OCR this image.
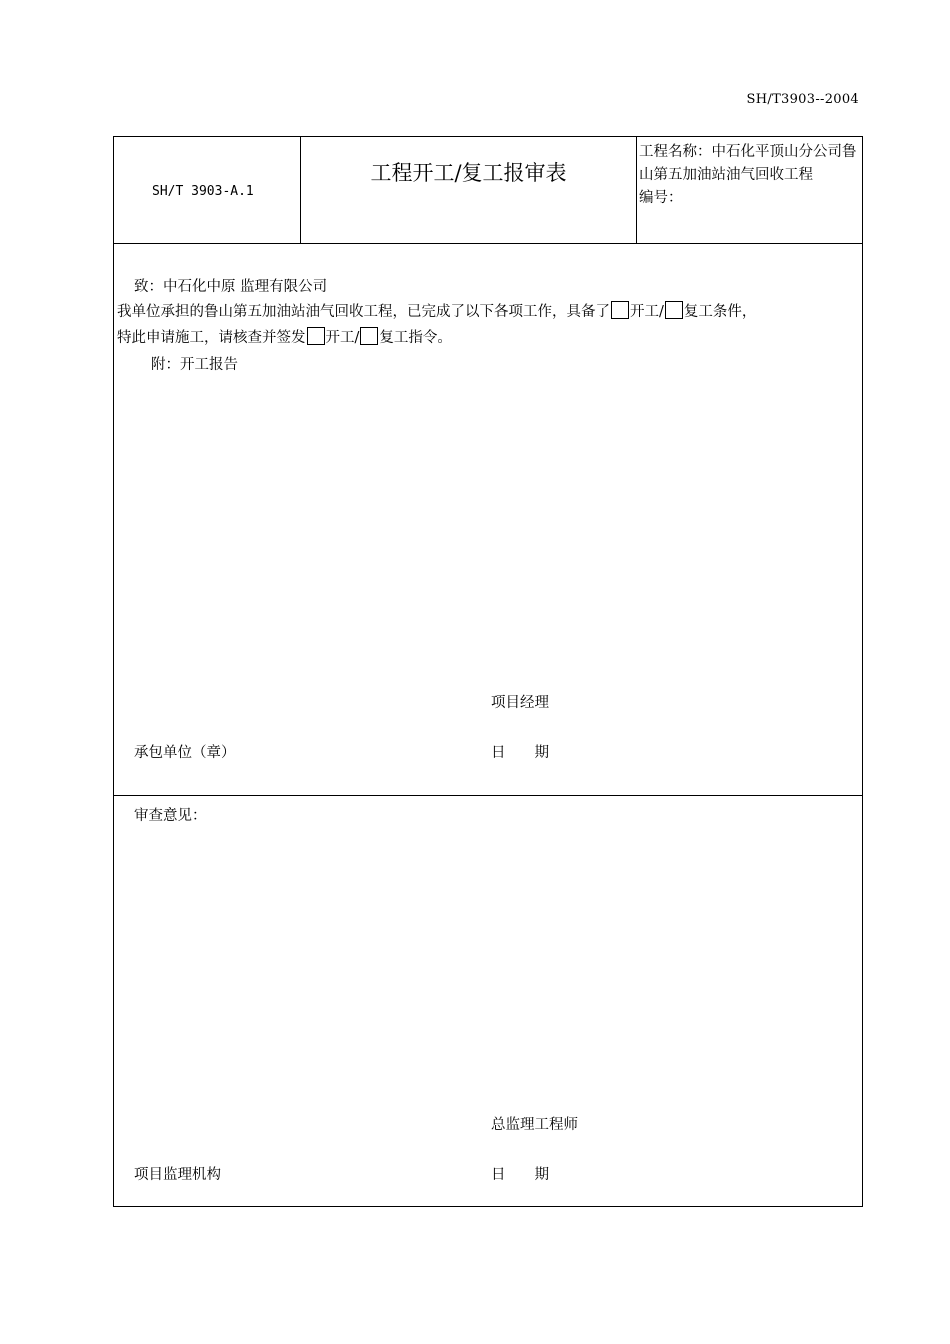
SH/T3903--2004
SH/T 3903-A.1
工程开工/复工报审表
工程名称：中石化平顶山分公司鲁山第五加油站油气回收工程
编号：
致：中石化中原 监理有限公司
我单位承担的鲁山第五加油站油气回收工程，已完成了以下各项工作，具备了 开工/ 复工条件，
特此申请施工，请核查并签发 开工/ 复工指令。
附：开工报告
项目经理
承包单位（章）	日　　期
审查意见：
总监理工程师
项目监理机构	日　　期
